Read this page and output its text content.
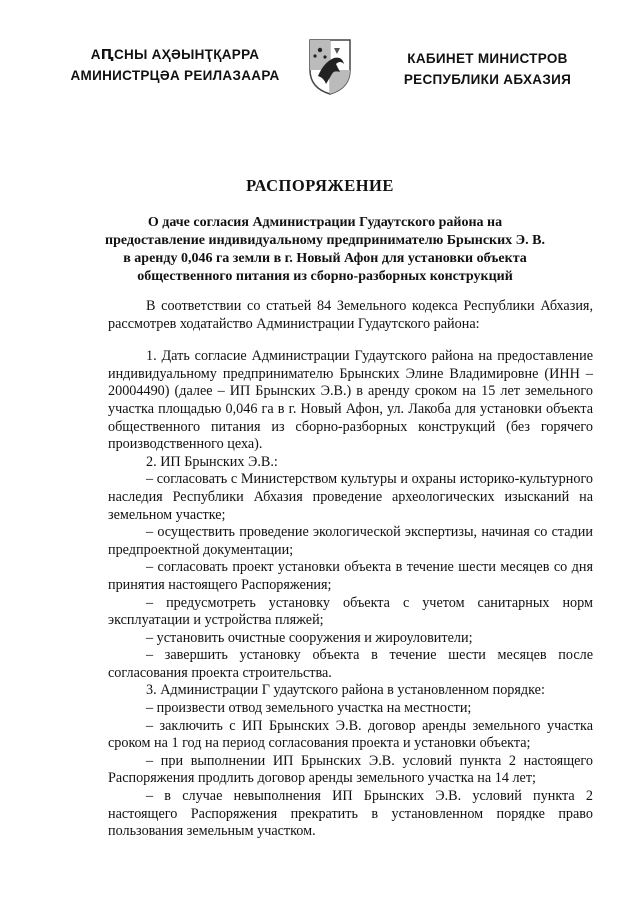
АԤСНЫ АҲӘЫНҬҚАРРА
АМИНИСТРЦӘА РЕИЛАЗААРА
КАБИНЕТ МИНИСТРОВ
РЕСПУБЛИКИ АБХАЗИЯ
РАСПОРЯЖЕНИЕ
О даче согласия Администрации Гудаутского района на
предоставление индивидуальному предпринимателю Брынских Э. В.
в аренду 0,046 га земли в г. Новый Афон для установки объекта
общественного питания из сборно-разборных конструкций

В соответствии со статьей 84 Земельного кодекса Республики Абхазия, рассмотрев ходатайство Администрации Гудаутского района:

1. Дать согласие Администрации Гудаутского района на предоставление индивидуальному предпринимателю Брынских Элине Владимировне (ИНН – 20004490) (далее – ИП Брынских Э.В.) в аренду сроком на 15 лет земельного участка площадью 0,046 га в г. Новый Афон, ул. Лакоба для установки объекта общественного питания из сборно-разборных конструкций (без горячего производственного цеха).

2. ИП Брынских Э.В.:

– согласовать с Министерством культуры и охраны историко-культурного наследия Республики Абхазия проведение археологических изысканий на земельном участке;

– осуществить проведение экологической экспертизы, начиная со стадии предпроектной документации;

– согласовать проект установки объекта в течение шести месяцев со дня принятия настоящего Распоряжения;

– предусмотреть установку объекта с учетом санитарных норм эксплуатации и устройства пляжей;

– установить очистные сооружения и жироуловители;

– завершить установку объекта в течение шести месяцев после согласования проекта строительства.

3. Администрации Г удаутского района в установленном порядке:

– произвести отвод земельного участка на местности;

– заключить с ИП Брынских Э.В. договор аренды земельного участка сроком на 1 год на период согласования проекта и установки объекта;

– при выполнении ИП Брынских Э.В. условий пункта 2 настоящего Распоряжения продлить договор аренды земельного участка на 14 лет;

– в случае невыполнения ИП Брынских Э.В. условий пункта 2 настоящего Распоряжения прекратить в установленном порядке право пользования земельным участком.
